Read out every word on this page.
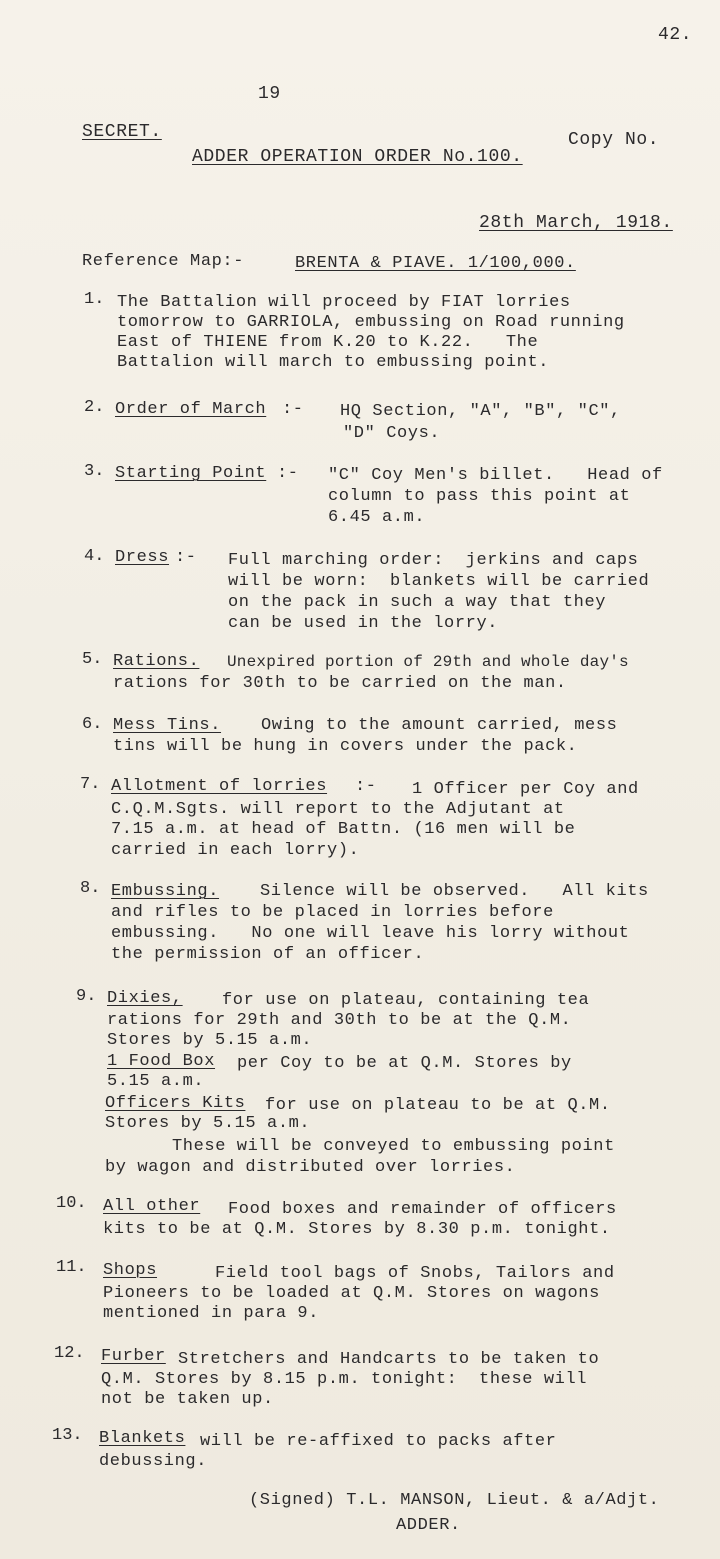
42.
19
SECRET.	Copy No.
ADDER OPERATION ORDER No.100.
28th March, 1918.
Reference Map:-	BRENTA & PIAVE. 1/100,000.
1. The Battalion will proceed by FIAT lorries
tomorrow to GARRIOLA, embussing on Road running
East of THIENE from K.20 to K.22.   The
Battalion will march to embussing point.
2. Order of March :- HQ Section, "A", "B", "C",
"D" Coys.
3. Starting Point :- "C" Coy Men's billet.   Head of
column to pass this point at
6.45 a.m.
4. Dress :- Full marching order:  jerkins and caps
will be worn:  blankets will be carried
on the pack in such a way that they
can be used in the lorry.
5. Rations. Unexpired portion of 29th and whole day's
rations for 30th to be carried on the man.
6. Mess Tins. Owing to the amount carried, mess
tins will be hung in covers under the pack.
7. Allotment of lorries :- 1 Officer per Coy and
C.Q.M.Sgts. will report to the Adjutant at
7.15 a.m. at head of Battn. (16 men will be
carried in each lorry).
8. Embussing. Silence will be observed.   All kits
and rifles to be placed in lorries before
embussing.   No one will leave his lorry without
the permission of an officer.
9. Dixies, for use on plateau, containing tea
rations for 29th and 30th to be at the Q.M.
Stores by 5.15 a.m.
1 Food Box per Coy to be at Q.M. Stores by
5.15 a.m.
Officers Kits for use on plateau to be at Q.M.
Stores by 5.15 a.m.
These will be conveyed to embussing point
by wagon and distributed over lorries.
10. All other Food boxes and remainder of officers
kits to be at Q.M. Stores by 8.30 p.m. tonight.
11. Shops	Field tool bags of Snobs, Tailors and
Pioneers to be loaded at Q.M. Stores on wagons
mentioned in para 9.
12. Furber Stretchers and Handcarts to be taken to
Q.M. Stores by 8.15 p.m. tonight:  these will
not be taken up.
13. Blankets will be re-affixed to packs after
debussing.
(Signed) T.L. MANSON, Lieut. & a/Adjt.
ADDER.
